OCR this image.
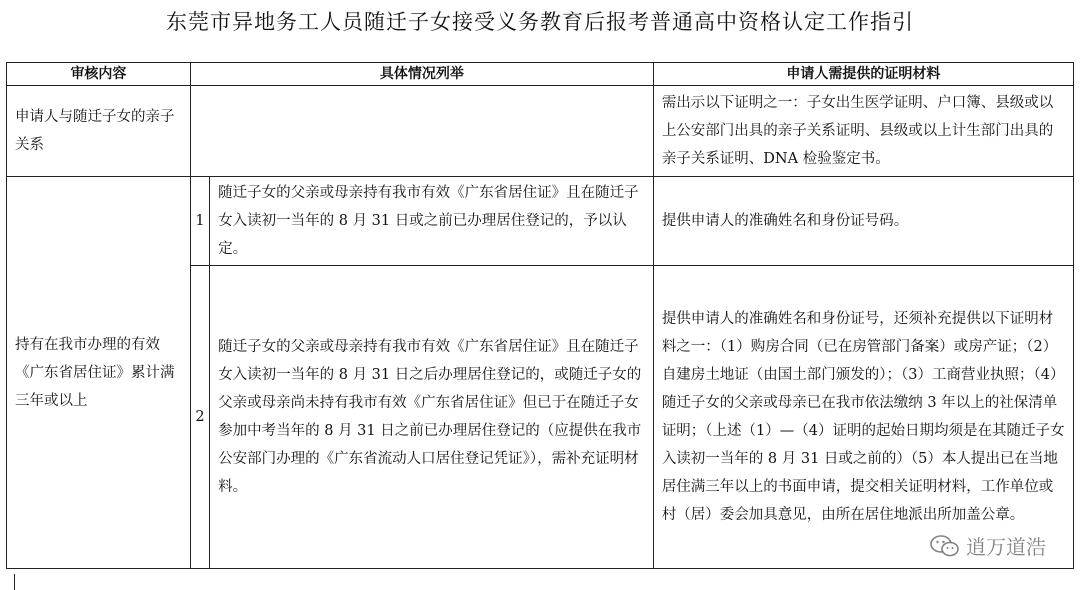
东莞市异地务工人员随迁子女接受义务教育后报考普通高中资格认定工作指引
审核内容	具体情况列举		申请人需提供的证明材料
申请人与随迁子女的亲子关系			需出示以下证明之一：子女出生医学证明、户口簿、县级或以上公安部门出具的亲子关系证明、县级或以上计生部门出具的亲子关系证明、DNA 检验鉴定书。
持有在我市办理的有效《广东省居住证》累计满三年或以上	1	随迁子女的父亲或母亲持有我市有效《广东省居住证》且在随迁子女入读初一当年的 8 月 31 日或之前已办理居住登记的，予以认定。	提供申请人的准确姓名和身份证号码。
	2	随迁子女的父亲或母亲持有我市有效《广东省居住证》且在随迁子女入读初一当年的 8 月 31 日之后办理居住登记的，或随迁子女的父亲或母亲尚未持有我市有效《广东省居住证》但已于在随迁子女参加中考当年的 8 月 31 日之前已办理居住登记的（应提供在我市公安部门办理的《广东省流动人口居住登记凭证》），需补充证明材料。	提供申请人的准确姓名和身份证号，还须补充提供以下证明材料之一：（1）购房合同（已在房管部门备案）或房产证；（2）自建房土地证（由国土部门颁发的）；（3）工商营业执照；（4）随迁子女的父亲或母亲已在我市依法缴纳 3 年以上的社保清单证明；（上述（1）—（4）证明的起始日期均须是在其随迁子女入读初一当年的 8 月 31 日或之前的）（5）本人提出已在当地居住满三年以上的书面申请，提交相关证明材料，工作单位或村（居）委会加具意见，由所在居住地派出所加盖公章。
逍万道浩
